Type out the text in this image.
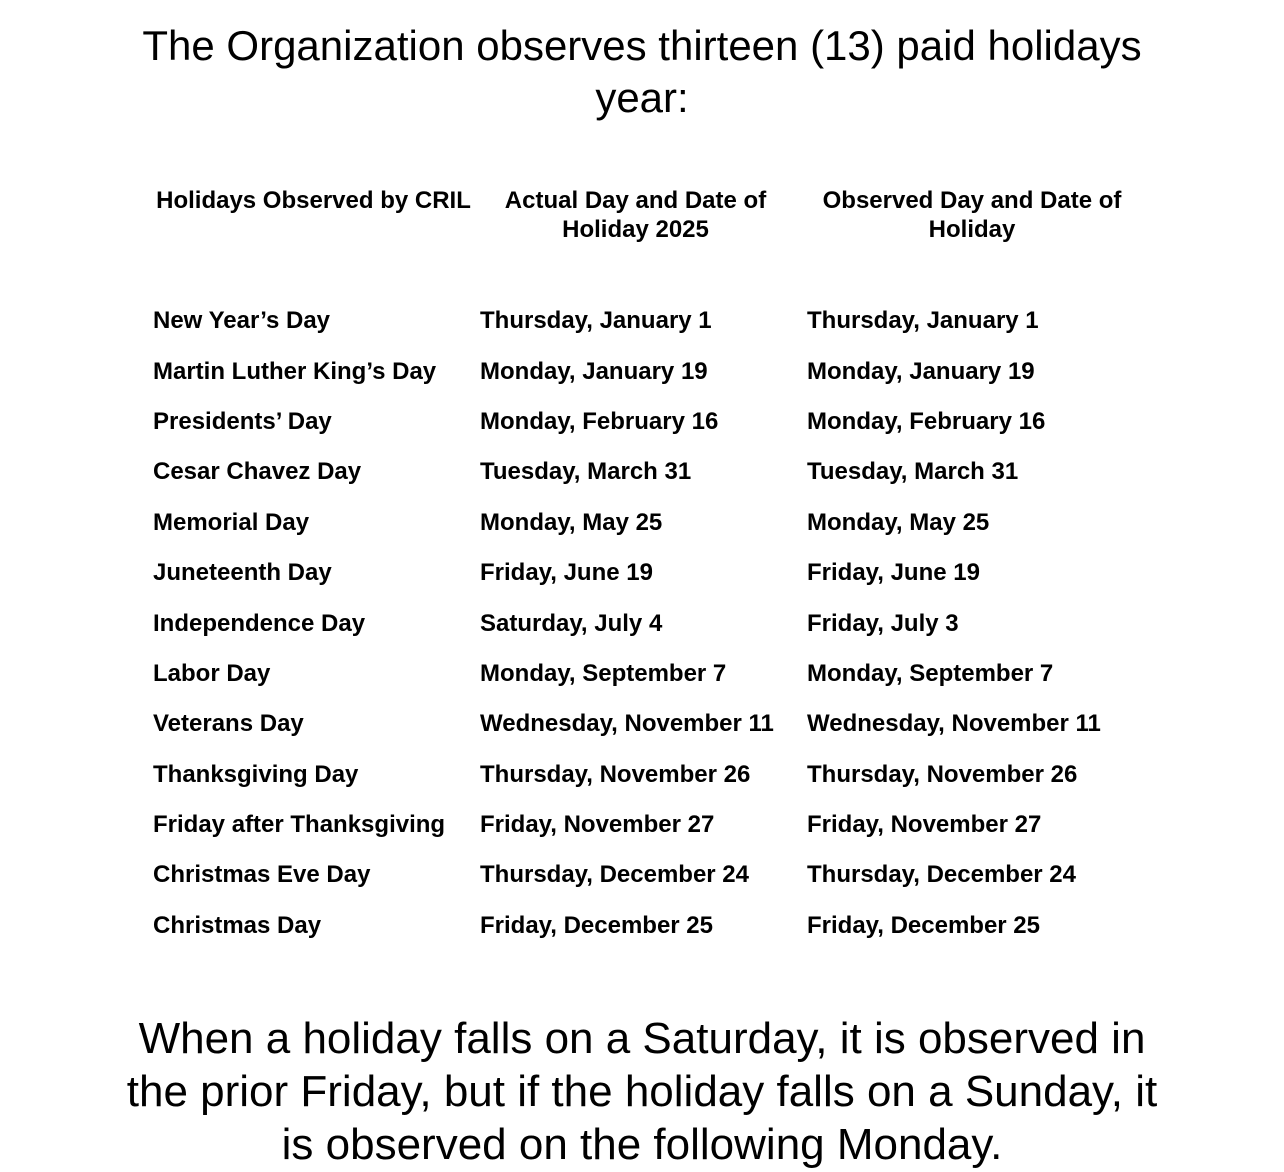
The Organization observes thirteen (13) paid holidays year:

Holidays Observed by CRIL	Actual Day and Date of Holiday 2025	Observed Day and Date of Holiday
New Year’s Day	Thursday, January 1	Thursday, January 1
Martin Luther King’s Day	Monday, January 19	Monday, January 19
Presidents’ Day	Monday, February 16	Monday, February 16
Cesar Chavez Day	Tuesday, March 31	Tuesday, March 31
Memorial Day	Monday, May 25	Monday, May 25
Juneteenth Day	Friday, June 19	Friday, June 19
Independence Day	Saturday, July 4	Friday, July 3
Labor Day	Monday, September 7	Monday, September 7
Veterans Day	Wednesday, November 11	Wednesday, November 11
Thanksgiving Day	Thursday, November 26	Thursday, November 26
Friday after Thanksgiving	Friday, November 27	Friday, November 27
Christmas Eve Day	Thursday, December 24	Thursday, December 24
Christmas Day	Friday, December 25	Friday, December 25

When a holiday falls on a Saturday, it is observed in the prior Friday, but if the holiday falls on a Sunday, it is observed on the following Monday.
